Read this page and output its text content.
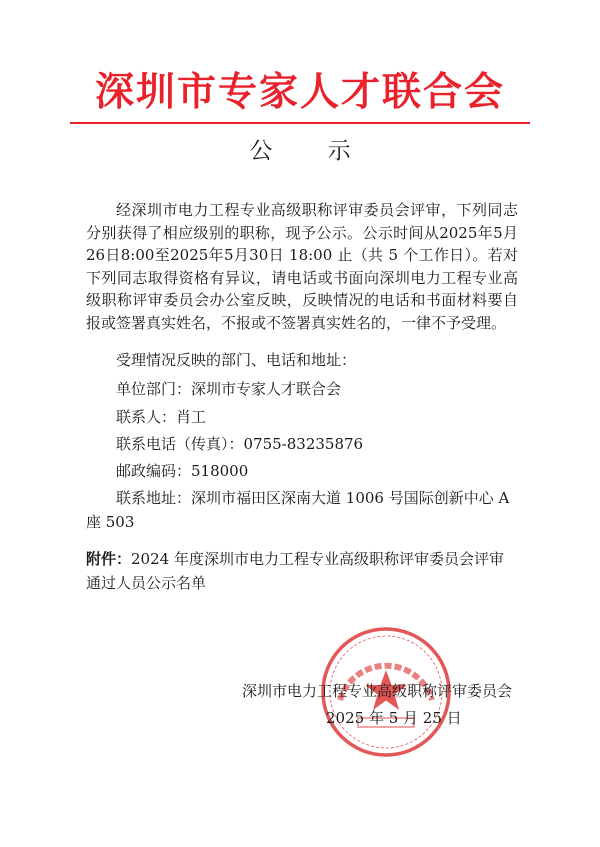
深圳市专家人才联合会
公 示

经深圳市电力工程专业高级职称评审委员会评审，下列同志分别获得了相应级别的职称，现予公示。公示时间从2025年5月26日8:00至2025年5月30日 18:00 止（共 5 个工作日）。若对下列同志取得资格有异议，请电话或书面向深圳电力工程专业高级职称评审委员会办公室反映，反映情况的电话和书面材料要自报或签署真实姓名，不报或不签署真实姓名的，一律不予受理。

受理情况反映的部门、电话和地址：

单位部门：深圳市专家人才联合会

联系人：肖工

联系电话（传真）：0755-83235876

邮政编码：518000

联系地址：深圳市福田区深南大道 1006 号国际创新中心 A 座 503

附件：2024 年度深圳市电力工程专业高级职称评审委员会评审通过人员公示名单

深圳市电力工程专业高级职称评审委员会
2025 年 5 月 25 日
